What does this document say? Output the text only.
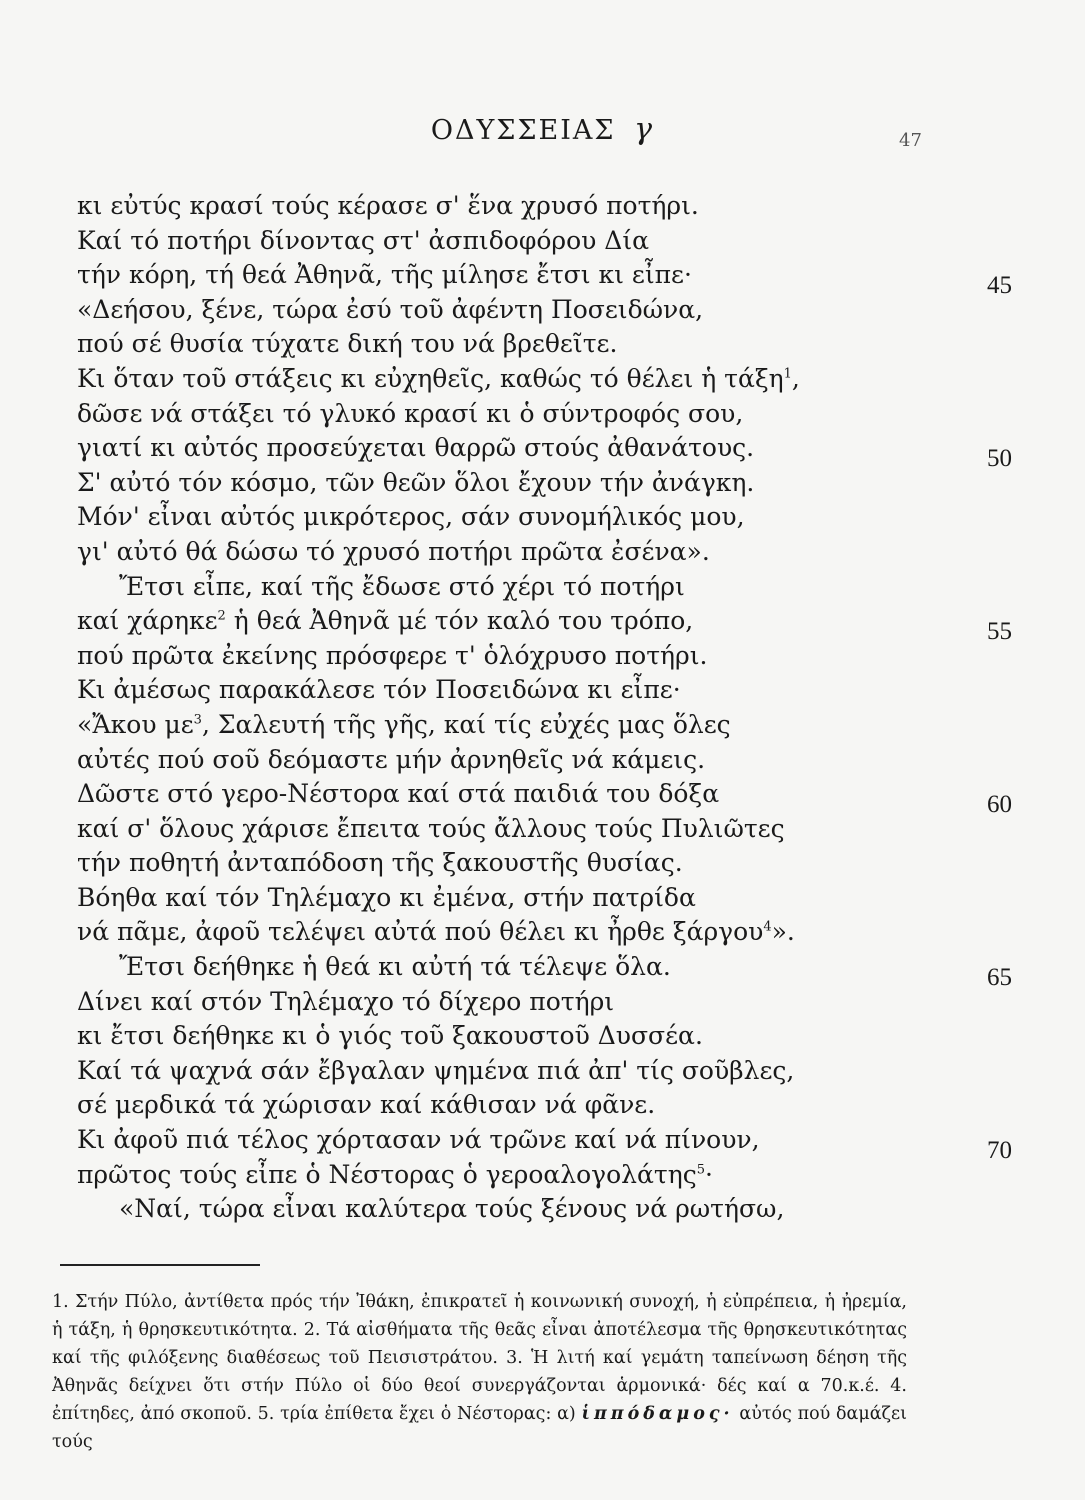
ΟΔΥΣΣΕΙΑΣ γ	47
κι εὐτύς κρασί τούς κέρασε σ' ἕνα χρυσό ποτήρι.
Καί τό ποτήρι δίνοντας στ' ἀσπιδοφόρου Δία
τήν κόρη, τή θεά Ἀθηνᾶ, τῆς μίλησε ἔτσι κι εἶπε·	45
«Δεήσου, ξένε, τώρα ἐσύ τοῦ ἀφέντη Ποσειδώνα,
πού σέ θυσία τύχατε δική του νά βρεθεῖτε.
Κι ὅταν τοῦ στάξεις κι εὐχηθεῖς, καθώς τό θέλει ἡ τάξη$^1$,
δῶσε νά στάξει τό γλυκό κρασί κι ὁ σύντροφός σου,
γιατί κι αὐτός προσεύχεται θαρρῶ στούς ἀθανάτους.	50
Σ' αὐτό τόν κόσμο, τῶν θεῶν ὅλοι ἔχουν τήν ἀνάγκη.
Μόν' εἶναι αὐτός μικρότερος, σάν συνομήλικός μου,
γι' αὐτό θά δώσω τό χρυσό ποτήρι πρῶτα ἐσένα».
Ἔτσι εἶπε, καί τῆς ἔδωσε στό χέρι τό ποτήρι
καί χάρηκε$^2$ ἡ θεά Ἀθηνᾶ μέ τόν καλό του τρόπο,	55
πού πρῶτα ἐκείνης πρόσφερε τ' ὁλόχρυσο ποτήρι.
Κι ἀμέσως παρακάλεσε τόν Ποσειδώνα κι εἶπε·
«Ἄκου $\mu\varepsilon^3$, Σαλευτή τῆς γῆς, καί τίς εὐχές μας ὅλες
αὐτές πού σοῦ δεόμαστε μήν ἀρνηθεῖς νά κάμεις.
Δῶστε στό γερο-Νέστορα καί στά παιδιά του δόξα	60
καί σ' ὅλους χάρισε ἔπειτα τούς ἄλλους τούς Πυλιῶτες
τήν ποθητή ἀνταπόδοση τῆς ξακουστῆς θυσίας.
Βόηθα καί τόν Τηλέμαχο κι ἐμένα, στήν πατρίδα
νά πᾶμε, ἀφοῦ τελέψει αὐτά πού θέλει κι ἦρθε ξάργου$^4$».
Ἔτσι δεήθηκε ἡ θεά κι αὐτή τά τέλεψε ὅλα.	65
Δίνει καί στόν Τηλέμαχο τό δίχερο ποτήρι
κι ἔτσι δεήθηκε κι ὁ γιός τοῦ ξακουστοῦ Δυσσέα.
Καί τά ψαχνά σάν ἔβγαλαν ψημένα πιά ἀπ' τίς σοῦβλες,
σέ μερδικά τά χώρισαν καί κάθισαν νά φᾶνε.
Κι ἀφοῦ πιά τέλος χόρτασαν νά τρῶνε καί νά πίνουν,	70
πρῶτος τούς εἶπε ὁ Νέστορας ὁ γεροαλογολάτης$^5$·
«Ναί, τώρα εἶναι καλύτερα τούς ξένους νά ρωτήσω,

1. Στήν Πύλο, ἀντίθετα πρός τήν Ἰθάκη, ἐπικρατεῖ ἡ κοινωνική συνοχή, ἡ εὐπρέπεια, ἡ ἠρεμία, ἡ τάξη, ἡ θρησκευτικότητα. 2. Τά αἰσθήματα τῆς θεᾶς εἶναι ἀποτέλεσμα τῆς θρησκευτικότητας καί τῆς φιλόξενης διαθέσεως τοῦ Πεισιστράτου. 3. Ἡ λιτή καί γεμάτη ταπείνωση δέηση τῆς Ἀθηνᾶς δείχνει ὅτι στήν Πύλο οἱ δύο θεοί συνεργάζονται ἁρμονικά· δές καί α 70.κ.έ. 4. ἐπίτηδες, ἀπό σκοποῦ. 5. τρία ἐπίθετα ἔχει ὁ Νέστορας: α) ἱππόδαμος· αὐτός πού δαμάζει τούς
